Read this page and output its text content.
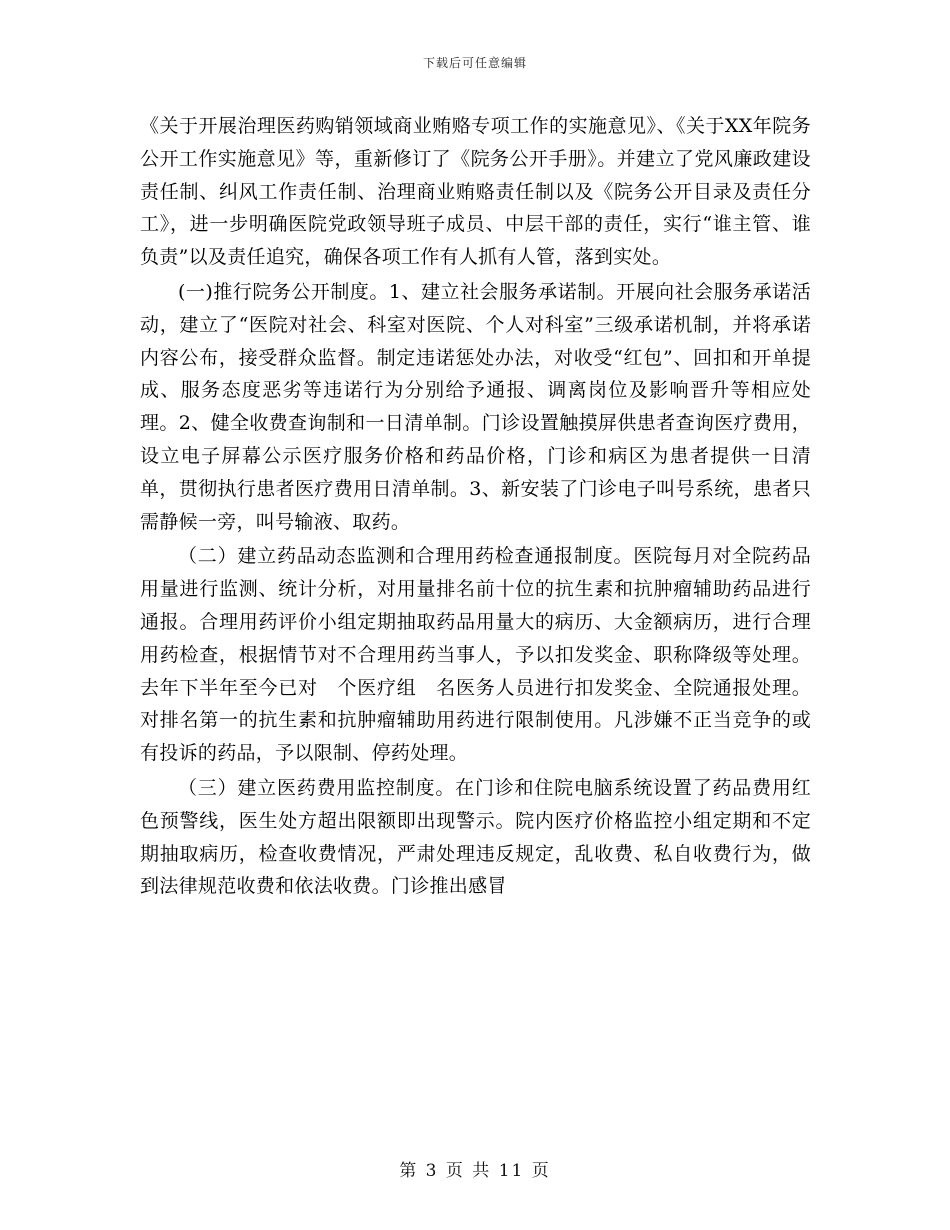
下载后可任意编辑

《关于开展治理医药购销领域商业贿赂专项工作的实施意见》、《关于XX年院务公开工作实施意见》等，重新修订了《院务公开手册》。并建立了党风廉政建设责任制、纠风工作责任制、治理商业贿赂责任制以及《院务公开目录及责任分工》，进一步明确医院党政领导班子成员、中层干部的责任，实行“谁主管、谁负责”以及责任追究，确保各项工作有人抓有人管，落到实处。

(一)推行院务公开制度。1、建立社会服务承诺制。开展向社会服务承诺活动，建立了“医院对社会、科室对医院、个人对科室”三级承诺机制，并将承诺内容公布，接受群众监督。制定违诺惩处办法，对收受“红包”、回扣和开单提成、服务态度恶劣等违诺行为分别给予通报、调离岗位及影响晋升等相应处理。2、健全收费查询制和一日清单制。门诊设置触摸屏供患者查询医疗费用，设立电子屏幕公示医疗服务价格和药品价格，门诊和病区为患者提供一日清单，贯彻执行患者医疗费用日清单制。3、新安装了门诊电子叫号系统，患者只需静候一旁，叫号输液、取药。

（二）建立药品动态监测和合理用药检查通报制度。医院每月对全院药品用量进行监测、统计分析，对用量排名前十位的抗生素和抗肿瘤辅助药品进行通报。合理用药评价小组定期抽取药品用量大的病历、大金额病历，进行合理用药检查，根据情节对不合理用药当事人，予以扣发奖金、职称降级等处理。去年下半年至今已对　个医疗组　名医务人员进行扣发奖金、全院通报处理。对排名第一的抗生素和抗肿瘤辅助用药进行限制使用。凡涉嫌不正当竞争的或有投诉的药品，予以限制、停药处理。

（三）建立医药费用监控制度。在门诊和住院电脑系统设置了药品费用红色预警线，医生处方超出限额即出现警示。院内医疗价格监控小组定期和不定期抽取病历，检查收费情况，严肃处理违反规定，乱收费、私自收费行为，做到法律规范收费和依法收费。门诊推出感冒

第 3 页 共 11 页
